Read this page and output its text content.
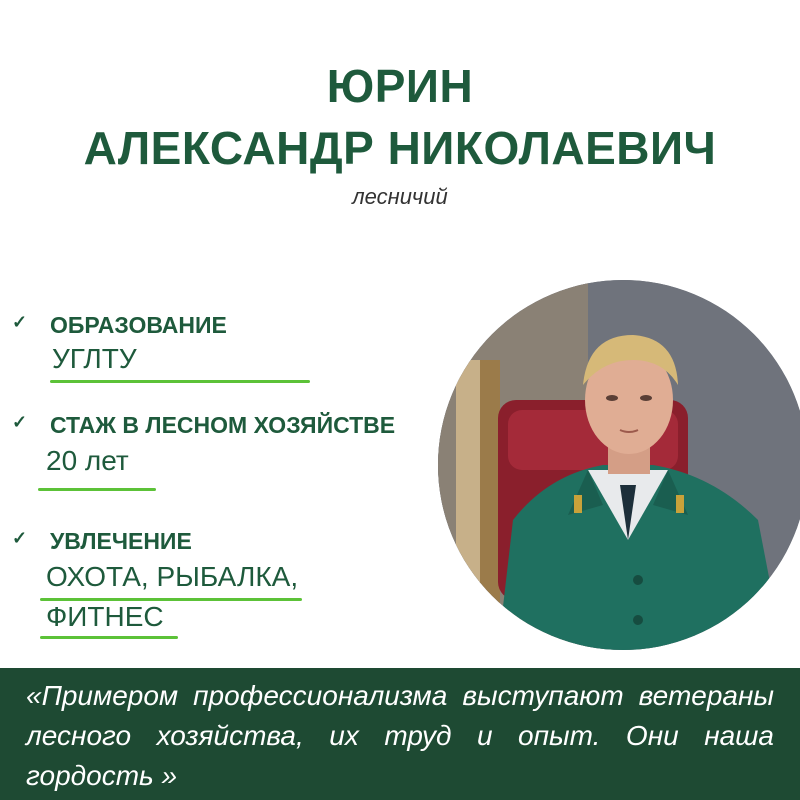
ЮРИН
АЛЕКСАНДР НИКОЛАЕВИЧ
лесничий
✓ ОБРАЗОВАНИЕ
УГЛТУ
✓ СТАЖ В ЛЕСНОМ ХОЗЯЙСТВЕ
20 лет
✓ УВЛЕЧЕНИЕ
ОХОТА, РЫБАЛКА,
ФИТНЕС
«Примером профессионализма выступают ветераны лесного хозяйства, их труд и опыт. Они наша гордость »
